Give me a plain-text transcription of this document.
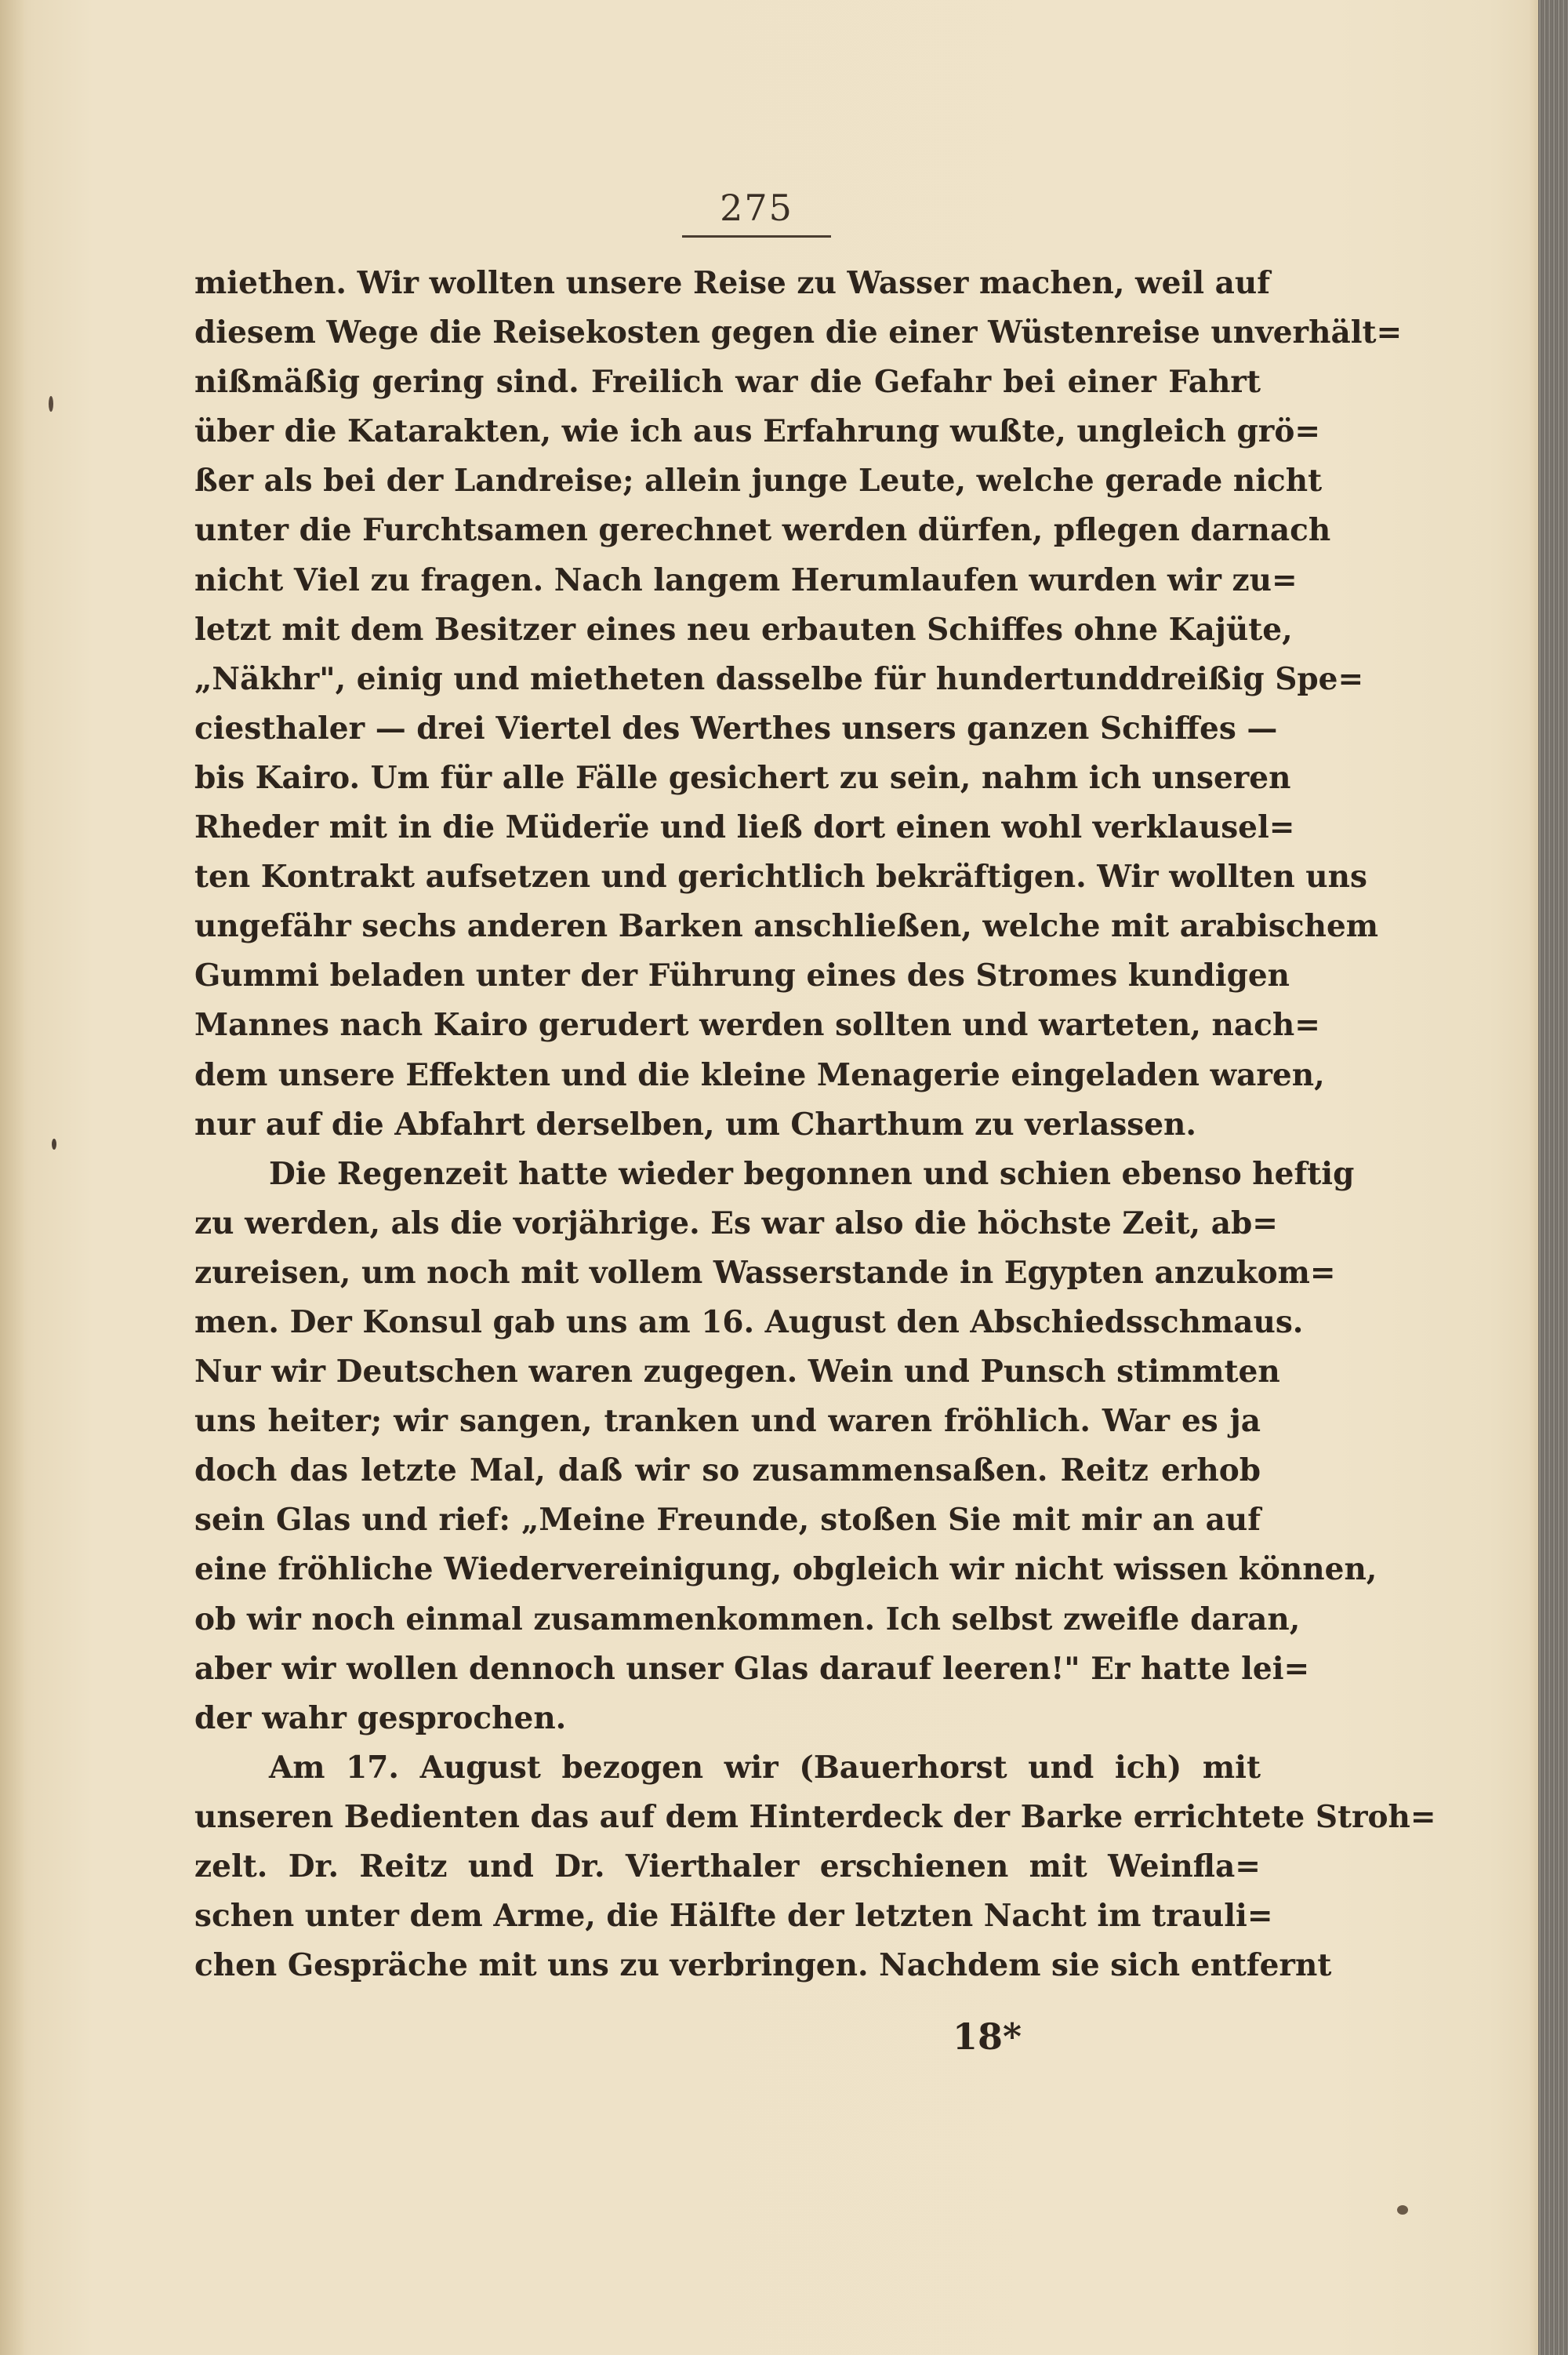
275
miethen. Wir wollten unsere Reise zu Wasser machen, weil auf
diesem Wege die Reisekosten gegen die einer Wüstenreise unverhält=
nißmäßig gering sind. Freilich war die Gefahr bei einer Fahrt
über die Katarakten, wie ich aus Erfahrung wußte, ungleich grö=
ßer als bei der Landreise; allein junge Leute, welche gerade nicht
unter die Furchtsamen gerechnet werden dürfen, pflegen darnach
nicht Viel zu fragen. Nach langem Herumlaufen wurden wir zu=
letzt mit dem Besitzer eines neu erbauten Schiffes ohne Kajüte,
„Näkhr", einig und mietheten dasselbe für hundertunddreißig Spe=
ciesthaler — drei Viertel des Werthes unsers ganzen Schiffes —
bis Kairo. Um für alle Fälle gesichert zu sein, nahm ich unseren
Rheder mit in die Müderïe und ließ dort einen wohl verklausel=
ten Kontrakt aufsetzen und gerichtlich bekräftigen. Wir wollten uns
ungefähr sechs anderen Barken anschließen, welche mit arabischem
Gummi beladen unter der Führung eines des Stromes kundigen
Mannes nach Kairo gerudert werden sollten und warteten, nach=
dem unsere Effekten und die kleine Menagerie eingeladen waren,
nur auf die Abfahrt derselben, um Charthum zu verlassen.
Die Regenzeit hatte wieder begonnen und schien ebenso heftig
zu werden, als die vorjährige. Es war also die höchste Zeit, ab=
zureisen, um noch mit vollem Wasserstande in Egypten anzukom=
men. Der Konsul gab uns am 16. August den Abschiedsschmaus.
Nur wir Deutschen waren zugegen. Wein und Punsch stimmten
uns heiter; wir sangen, tranken und waren fröhlich. War es ja
doch das letzte Mal, daß wir so zusammensaßen. Reitz erhob
sein Glas und rief: „Meine Freunde, stoßen Sie mit mir an auf
eine fröhliche Wiedervereinigung, obgleich wir nicht wissen können,
ob wir noch einmal zusammenkommen. Ich selbst zweifle daran,
aber wir wollen dennoch unser Glas darauf leeren!" Er hatte lei=
der wahr gesprochen.
Am 17. August bezogen wir (Bauerhorst und ich) mit
unseren Bedienten das auf dem Hinterdeck der Barke errichtete Stroh=
zelt. Dr. Reitz und Dr. Vierthaler erschienen mit Weinfla=
schen unter dem Arme, die Hälfte der letzten Nacht im trauli=
chen Gespräche mit uns zu verbringen. Nachdem sie sich entfernt
18*
